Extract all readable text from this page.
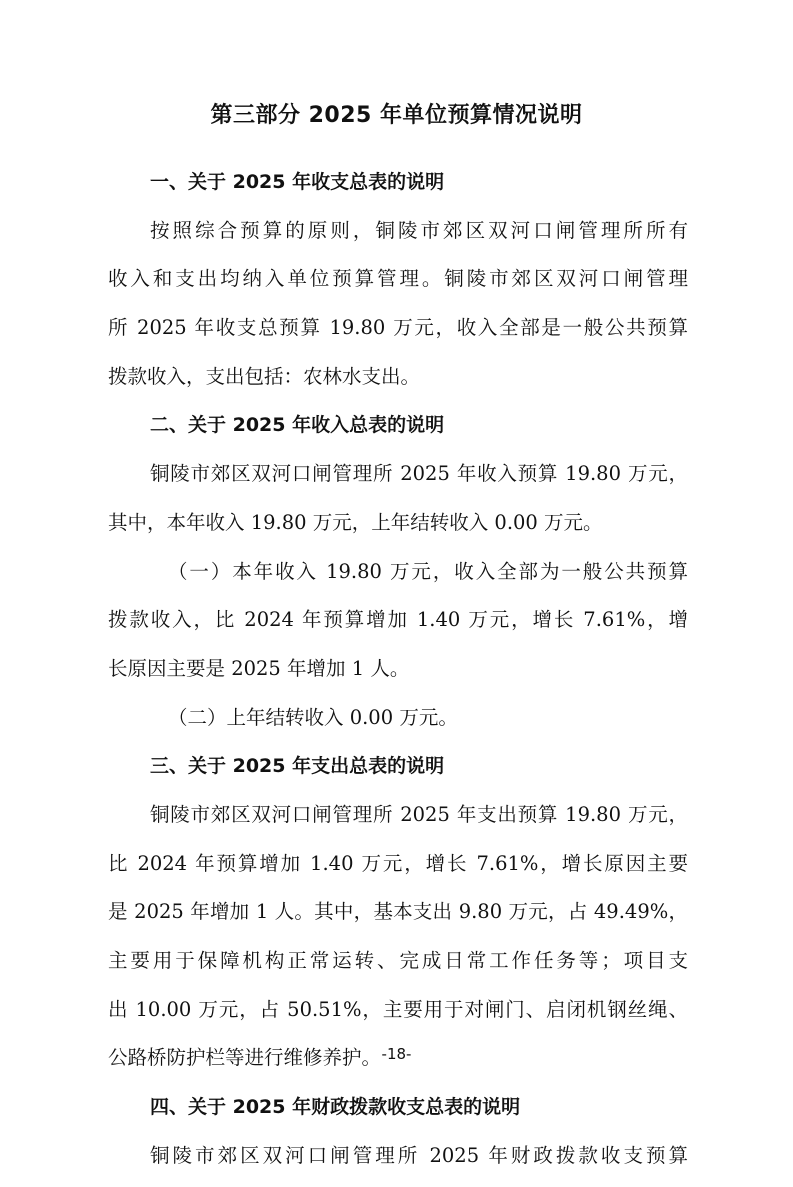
第三部分 2025 年单位预算情况说明
一、关于 2025 年收支总表的说明
按照综合预算的原则，铜陵市郊区双河口闸管理所所有
收入和支出均纳入单位预算管理。铜陵市郊区双河口闸管理
所 2025 年收支总预算 19.80 万元，收入全部是一般公共预算
拨款收入，支出包括：农林水支出。
二、关于 2025 年收入总表的说明
铜陵市郊区双河口闸管理所 2025 年收入预算 19.80 万元，
其中，本年收入 19.80 万元，上年结转收入 0.00 万元。
（一）本年收入 19.80 万元，收入全部为一般公共预算
拨款收入，比 2024 年预算增加 1.40 万元，增长 7.61%，增
长原因主要是 2025 年增加 1 人。
（二）上年结转收入 0.00 万元。
三、关于 2025 年支出总表的说明
铜陵市郊区双河口闸管理所 2025 年支出预算 19.80 万元，
比 2024 年预算增加 1.40 万元，增长 7.61%，增长原因主要
是 2025 年增加 1 人。其中，基本支出 9.80 万元，占 49.49%，
主要用于保障机构正常运转、完成日常工作任务等；项目支
出 10.00 万元，占 50.51%，主要用于对闸门、启闭机钢丝绳、
公路桥防护栏等进行维修养护。
四、关于 2025 年财政拨款收支总表的说明
铜陵市郊区双河口闸管理所 2025 年财政拨款收支预算
-18-
